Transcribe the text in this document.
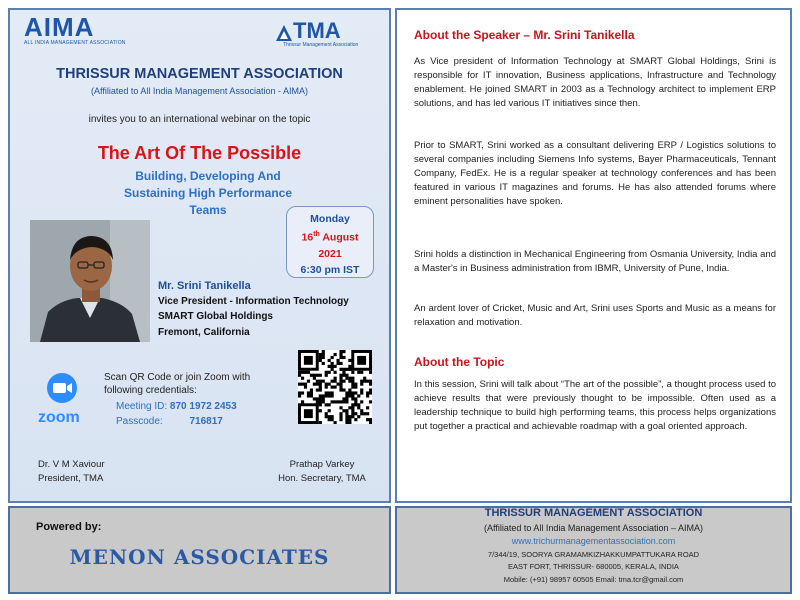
AIMA
ALL INDIA MANAGEMENT ASSOCIATION	TMA
Thrissur Management Association
THRISSUR MANAGEMENT ASSOCIATION
(Affiliated to All India Management Association - AIMA)
invites you to an international webinar on the topic
The Art Of The Possible
Building, Developing And Sustaining High Performance Teams
Monday
16th August
2021
6:30 pm IST
Mr. Srini Tanikella
Vice President - Information Technology
SMART Global Holdings
Fremont, California
zoom
Scan QR Code or join Zoom with following credentials:
Meeting ID: 870 1972 2453
Passcode:	716817
Dr. V M Xaviour
President, TMA
Prathap Varkey
Hon. Secretary, TMA
Powered by:
MENON ASSOCIATES
THRISSUR MANAGEMENT ASSOCIATION
(Affiliated to All India Management Association – AIMA)
www.trichurmanagementassociation.com
7/344/19, SOORYA GRAMAMKIZHAKKUMPATTUKARA ROAD
EAST FORT, THRISSUR- 680005, KERALA, INDIA
Mobile: (+91) 98957 60505 Email: tma.tcr@gmail.com
About the Speaker – Mr. Srini Tanikella
As Vice president of Information Technology at SMART Global Holdings, Srini is responsible for IT innovation, Business applications, Infrastructure and Technology enablement. He joined SMART in 2003 as a Technology architect to implement ERP solutions, and has led various IT initiatives since then.
Prior to SMART, Srini worked as a consultant delivering ERP / Logistics solutions to several companies including Siemens Info systems, Bayer Pharmaceuticals, Tennant Company, FedEx. He is a regular speaker at technology conferences and has been featured in various IT magazines and forums. He has also attended forums where eminent personalities have spoken.
Srini holds a distinction in Mechanical Engineering from Osmania University, India and a Master's in Business administration from IBMR, University of Pune, India.
An ardent lover of Cricket, Music and Art, Srini uses Sports and Music as a means for relaxation and motivation.
About the Topic
In this session, Srini will talk about “The art of the possible”, a thought process used to achieve results that were previously thought to be impossible. Often used as a leadership technique to build high performing teams, this process helps organizations put together a practical and achievable roadmap with a goal oriented approach.
